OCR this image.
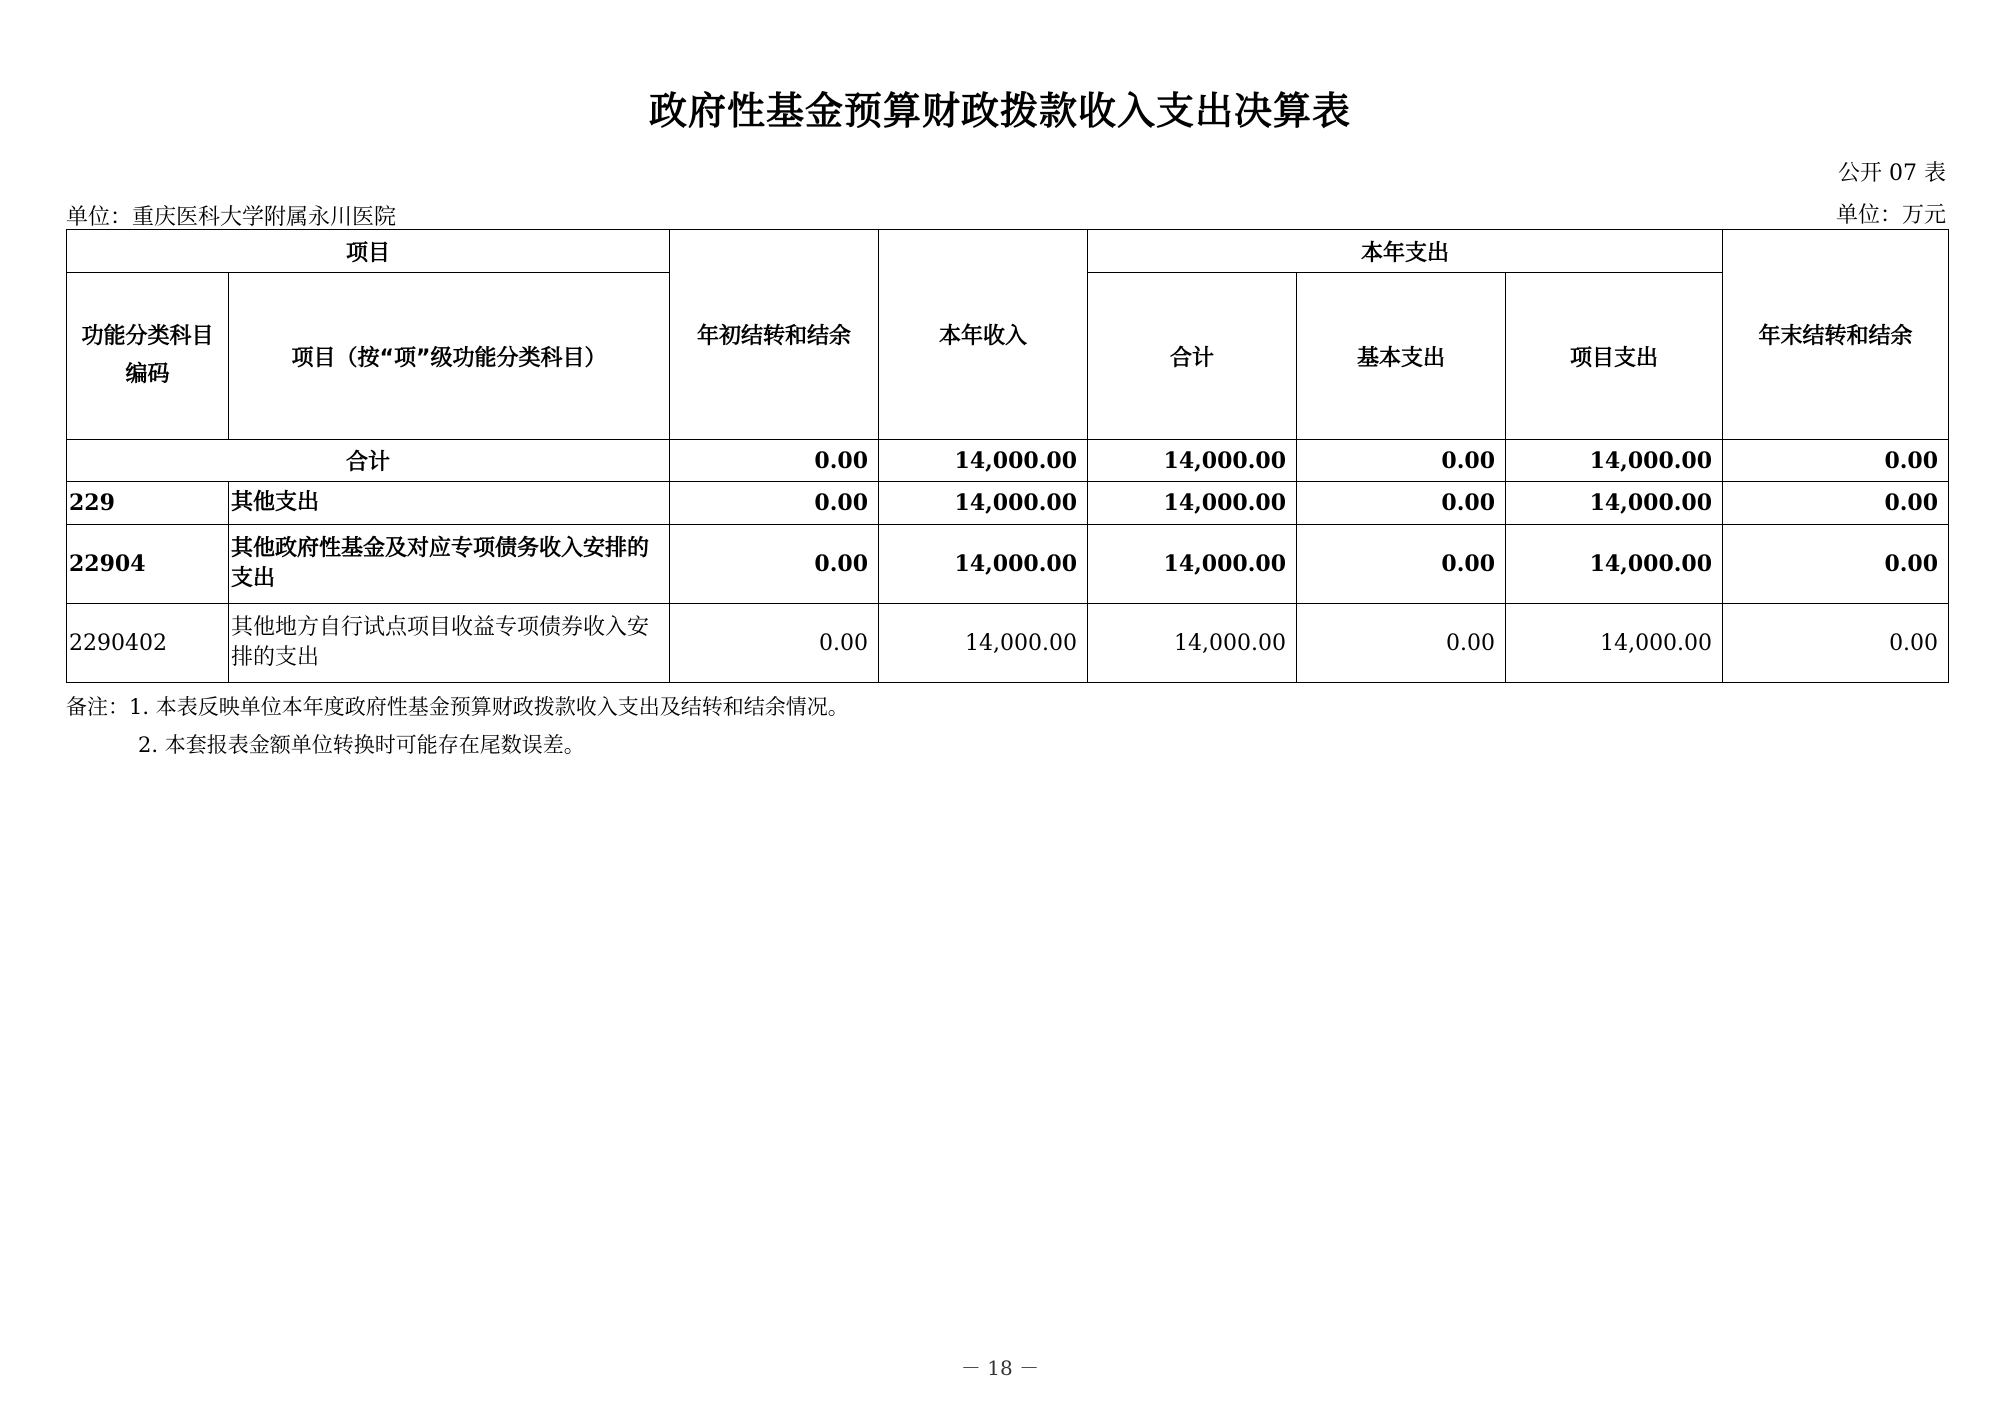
政府性基金预算财政拨款收入支出决算表
公开 07 表
单位：重庆医科大学附属永川医院	单位：万元
项目		年初结转和结余	本年收入	本年支出			年末结转和结余
功能分类科目编码	项目（按“项”级功能分类科目）			合计	基本支出	项目支出	
合计		0.00	14,000.00	14,000.00	0.00	14,000.00	0.00
229	其他支出	0.00	14,000.00	14,000.00	0.00	14,000.00	0.00
22904	其他政府性基金及对应专项债务收入安排的支出	0.00	14,000.00	14,000.00	0.00	14,000.00	0.00
2290402	其他地方自行试点项目收益专项债券收入安排的支出	0.00	14,000.00	14,000.00	0.00	14,000.00	0.00
备注：1. 本表反映单位本年度政府性基金预算财政拨款收入支出及结转和结余情况。
2. 本套报表金额单位转换时可能存在尾数误差。
－ 18 －
